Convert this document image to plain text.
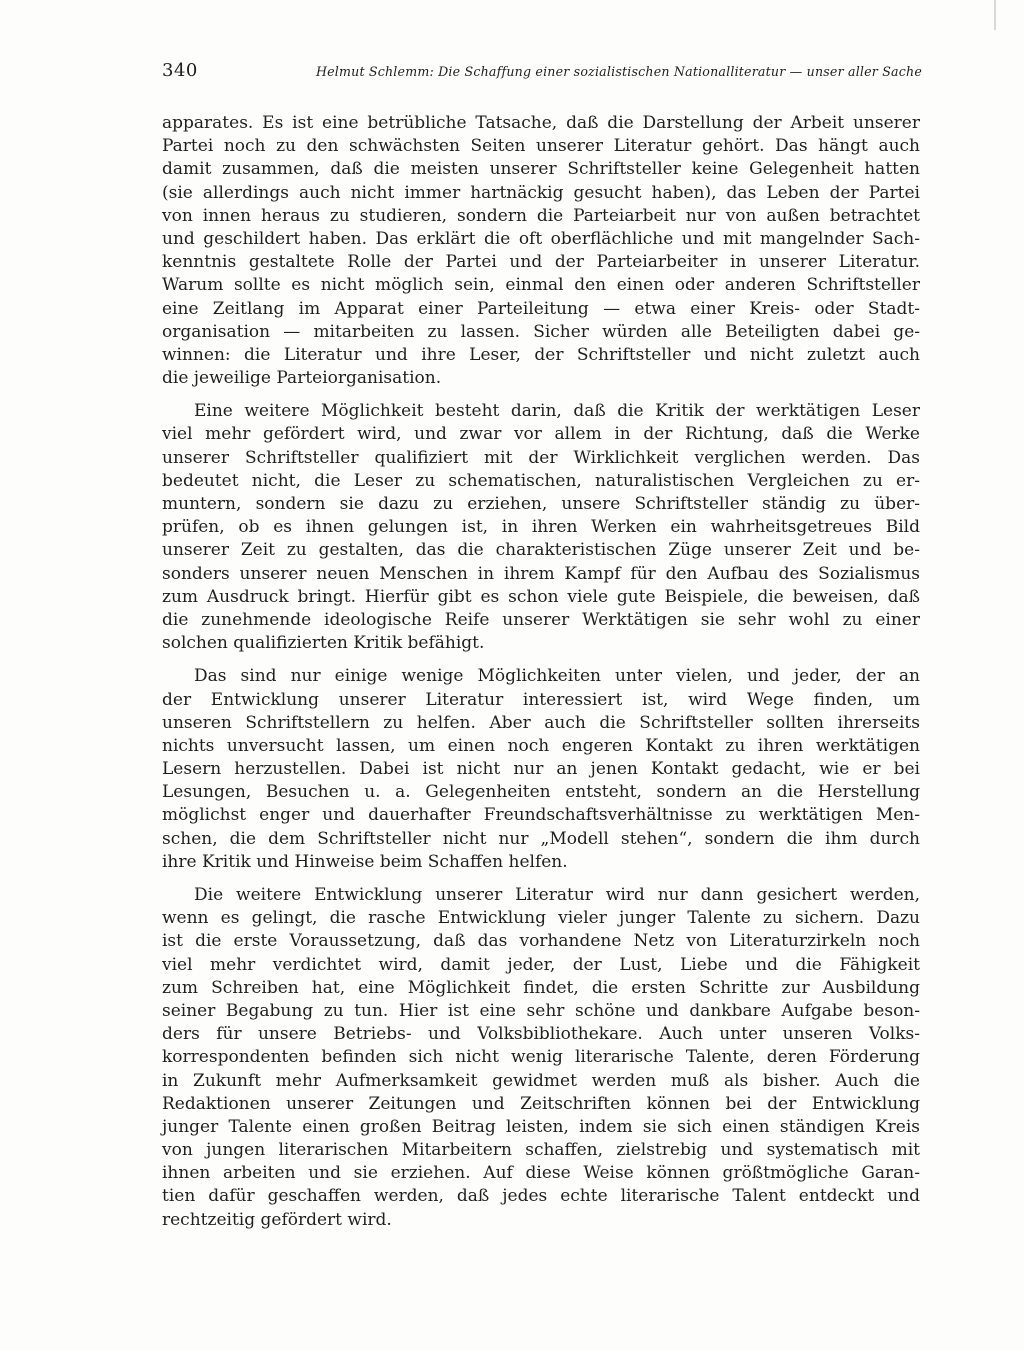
340	Helmut Schlemm: Die Schaffung einer sozialistischen Nationalliteratur — unser aller Sache
apparates. Es ist eine betrübliche Tatsache, daß die Darstellung der Arbeit unserer
Partei noch zu den schwächsten Seiten unserer Literatur gehört. Das hängt auch
damit zusammen, daß die meisten unserer Schriftsteller keine Gelegenheit hatten
(sie allerdings auch nicht immer hartnäckig gesucht haben), das Leben der Partei
von innen heraus zu studieren, sondern die Parteiarbeit nur von außen betrachtet
und geschildert haben. Das erklärt die oft oberflächliche und mit mangelnder Sach-
kenntnis gestaltete Rolle der Partei und der Parteiarbeiter in unserer Literatur.
Warum sollte es nicht möglich sein, einmal den einen oder anderen Schriftsteller
eine Zeitlang im Apparat einer Parteileitung — etwa einer Kreis- oder Stadt-
organisation — mitarbeiten zu lassen. Sicher würden alle Beteiligten dabei ge-
winnen: die Literatur und ihre Leser, der Schriftsteller und nicht zuletzt auch
die jeweilige Parteiorganisation.
Eine weitere Möglichkeit besteht darin, daß die Kritik der werktätigen Leser
viel mehr gefördert wird, und zwar vor allem in der Richtung, daß die Werke
unserer Schriftsteller qualifiziert mit der Wirklichkeit verglichen werden. Das
bedeutet nicht, die Leser zu schematischen, naturalistischen Vergleichen zu er-
muntern, sondern sie dazu zu erziehen, unsere Schriftsteller ständig zu über-
prüfen, ob es ihnen gelungen ist, in ihren Werken ein wahrheitsgetreues Bild
unserer Zeit zu gestalten, das die charakteristischen Züge unserer Zeit und be-
sonders unserer neuen Menschen in ihrem Kampf für den Aufbau des Sozialismus
zum Ausdruck bringt. Hierfür gibt es schon viele gute Beispiele, die beweisen, daß
die zunehmende ideologische Reife unserer Werktätigen sie sehr wohl zu einer
solchen qualifizierten Kritik befähigt.
Das sind nur einige wenige Möglichkeiten unter vielen, und jeder, der an
der Entwicklung unserer Literatur interessiert ist, wird Wege finden, um
unseren Schriftstellern zu helfen. Aber auch die Schriftsteller sollten ihrerseits
nichts unversucht lassen, um einen noch engeren Kontakt zu ihren werktätigen
Lesern herzustellen. Dabei ist nicht nur an jenen Kontakt gedacht, wie er bei
Lesungen, Besuchen u. a. Gelegenheiten entsteht, sondern an die Herstellung
möglichst enger und dauerhafter Freundschaftsverhältnisse zu werktätigen Men-
schen, die dem Schriftsteller nicht nur „Modell stehen“, sondern die ihm durch
ihre Kritik und Hinweise beim Schaffen helfen.
Die weitere Entwicklung unserer Literatur wird nur dann gesichert werden,
wenn es gelingt, die rasche Entwicklung vieler junger Talente zu sichern. Dazu
ist die erste Voraussetzung, daß das vorhandene Netz von Literaturzirkeln noch
viel mehr verdichtet wird, damit jeder, der Lust, Liebe und die Fähigkeit
zum Schreiben hat, eine Möglichkeit findet, die ersten Schritte zur Ausbildung
seiner Begabung zu tun. Hier ist eine sehr schöne und dankbare Aufgabe beson-
ders für unsere Betriebs- und Volksbibliothekare. Auch unter unseren Volks-
korrespondenten befinden sich nicht wenig literarische Talente, deren Förderung
in Zukunft mehr Aufmerksamkeit gewidmet werden muß als bisher. Auch die
Redaktionen unserer Zeitungen und Zeitschriften können bei der Entwicklung
junger Talente einen großen Beitrag leisten, indem sie sich einen ständigen Kreis
von jungen literarischen Mitarbeitern schaffen, zielstrebig und systematisch mit
ihnen arbeiten und sie erziehen. Auf diese Weise können größtmögliche Garan-
tien dafür geschaffen werden, daß jedes echte literarische Talent entdeckt und
rechtzeitig gefördert wird.
